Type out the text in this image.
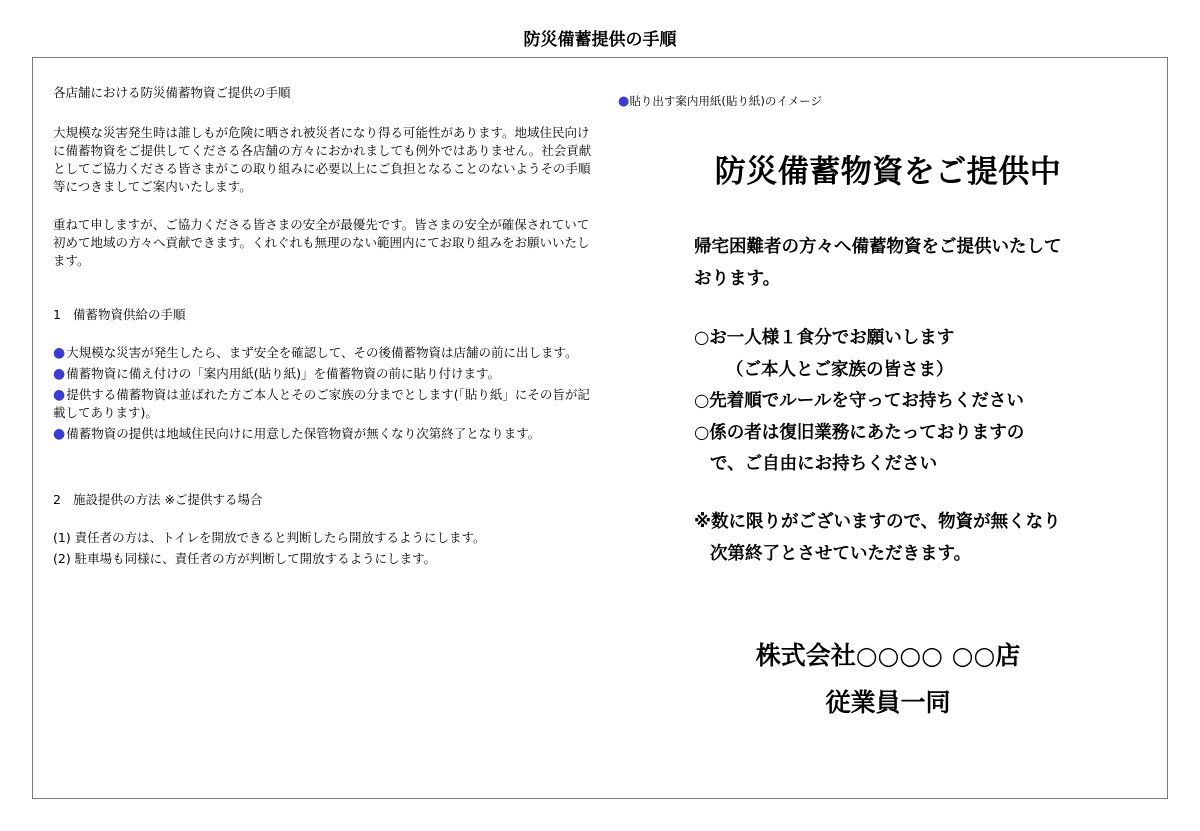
防災備蓄提供の手順

各店舗における防災備蓄物資ご提供の手順

大規模な災害発生時は誰しもが危険に晒され被災者になり得る可能性があります。地域住民向けに備蓄物資をご提供してくださる各店舗の方々におかれましても例外ではありません。社会貢献としてご協力くださる皆さまがこの取り組みに必要以上にご負担となることのないようその手順等につきましてご案内いたします。

重ねて申しますが、ご協力くださる皆さまの安全が最優先です。皆さまの安全が確保されていて初めて地域の方々へ貢献できます。くれぐれも無理のない範囲内にてお取り組みをお願いいたします。

1 備蓄物資供給の手順

●大規模な災害が発生したら、まず安全を確認して、その後備蓄物資は店舗の前に出します。

●備蓄物資に備え付けの「案内用紙(貼り紙)」を備蓄物資の前に貼り付けます。

●提供する備蓄物資は並ばれた方ご本人とそのご家族の分までとします(「貼り紙」にその旨が記載してあります)。

●備蓄物資の提供は地域住民向けに用意した保管物資が無くなり次第終了となります。

2 施設提供の方法 ※ご提供する場合

(1) 責任者の方は、トイレを開放できると判断したら開放するようにします。

(2) 駐車場も同様に、責任者の方が判断して開放するようにします。

●貼り出す案内用紙(貼り紙)のイメージ
防災備蓄物資をご提供中

帰宅困難者の方々へ備蓄物資をご提供いたして

おります。

○お一人様１食分でお願いします

（ご本人とご家族の皆さま）

○先着順でルールを守ってお持ちください

○係の者は復旧業務にあたっておりますの

で、ご自由にお持ちください

※数に限りがございますので、物資が無くなり

次第終了とさせていただきます。

株式会社○○○○ ○○店
従業員一同
